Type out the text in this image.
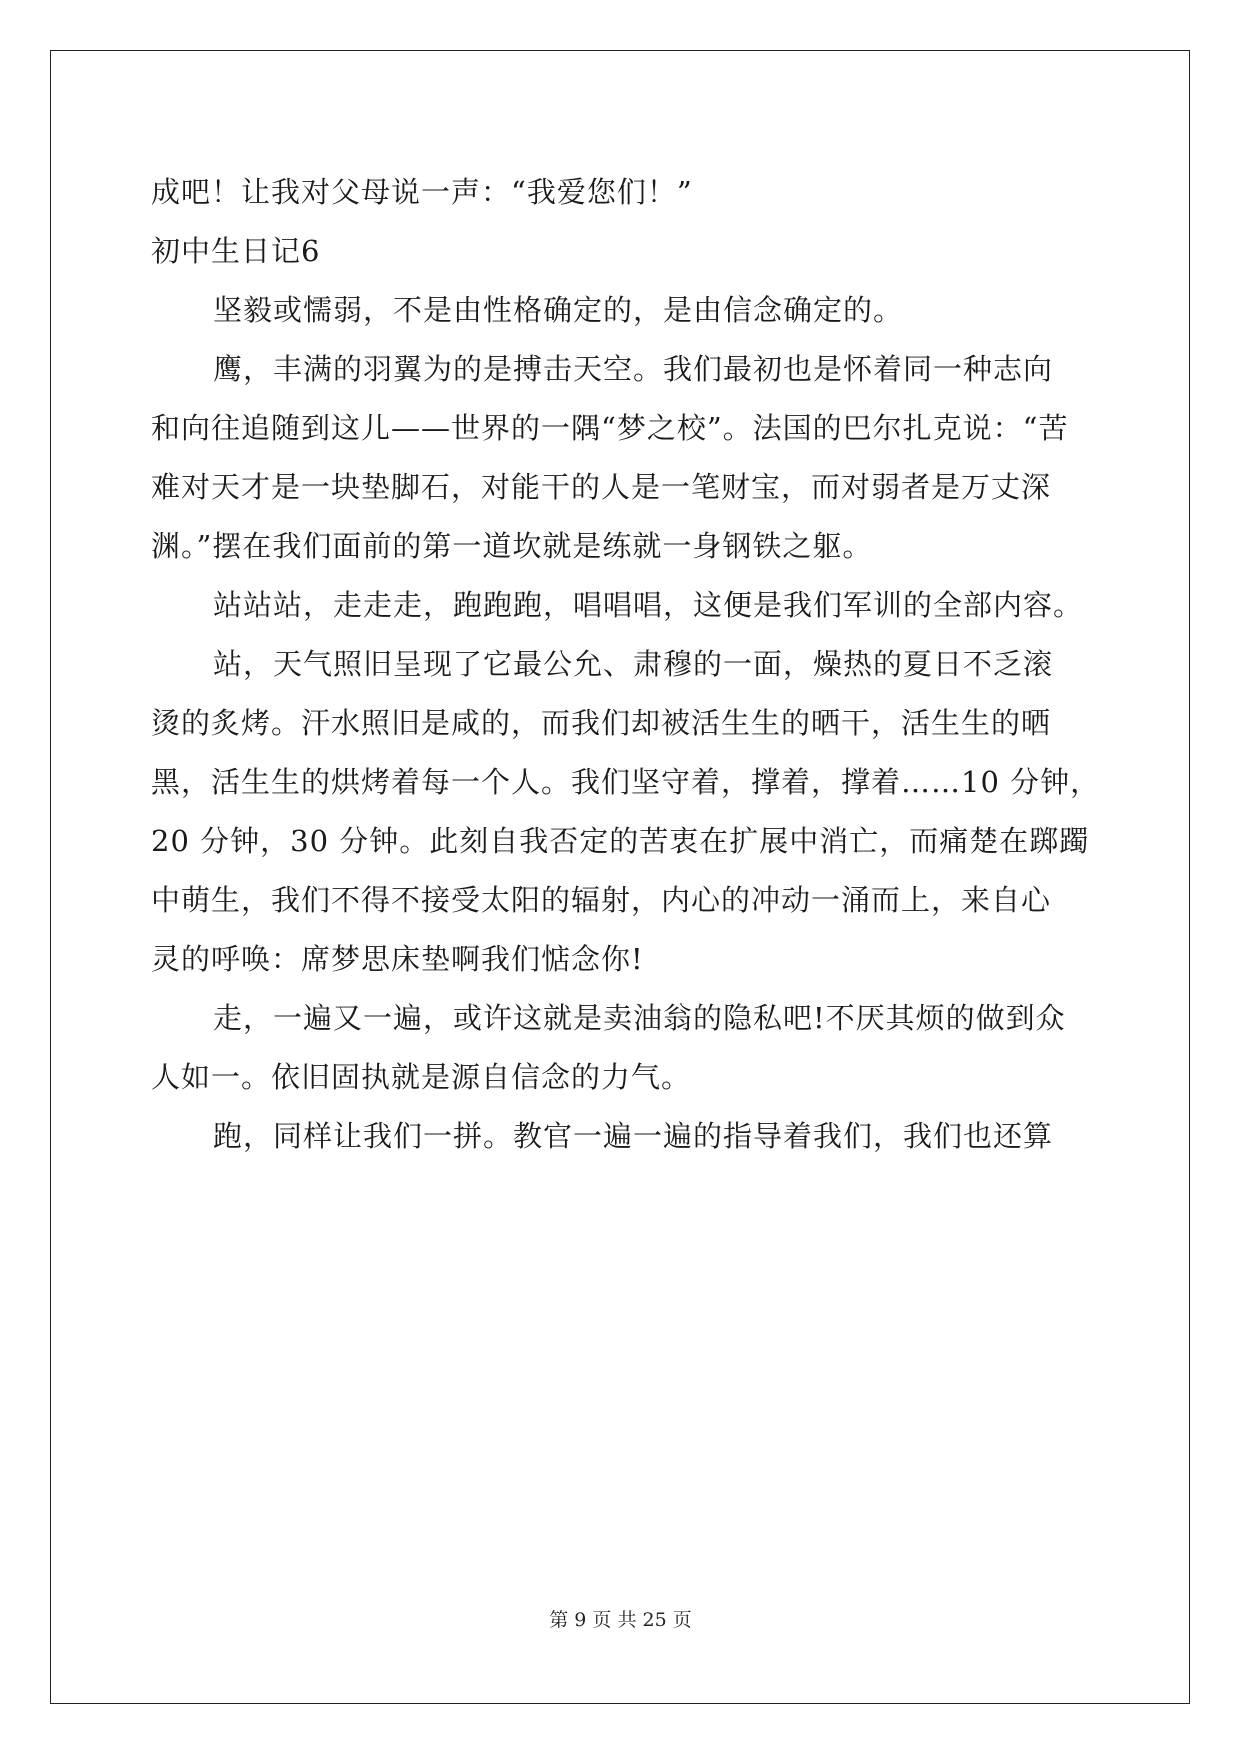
成吧！让我对父母说一声：“我爱您们！”
初中生日记6
坚毅或懦弱，不是由性格确定的，是由信念确定的。
鹰，丰满的羽翼为的是搏击天空。我们最初也是怀着同一种志向
和向往追随到这儿——世界的一隅“梦之校”。法国的巴尔扎克说：“苦
难对天才是一块垫脚石，对能干的人是一笔财宝，而对弱者是万丈深
渊。”摆在我们面前的第一道坎就是练就一身钢铁之躯。
站站站，走走走，跑跑跑，唱唱唱，这便是我们军训的全部内容。
站，天气照旧呈现了它最公允、肃穆的一面，燥热的夏日不乏滚
烫的炙烤。汗水照旧是咸的，而我们却被活生生的晒干，活生生的晒
黑，活生生的烘烤着每一个人。我们坚守着，撑着，撑着……10 分钟，
20 分钟，30 分钟。此刻自我否定的苦衷在扩展中消亡，而痛楚在踯躅
中萌生，我们不得不接受太阳的辐射，内心的冲动一涌而上，来自心
灵的呼唤：席梦思床垫啊我们惦念你!
走，一遍又一遍，或许这就是卖油翁的隐私吧!不厌其烦的做到众
人如一。依旧固执就是源自信念的力气。
跑，同样让我们一拼。教官一遍一遍的指导着我们，我们也还算
第 9 页 共 25 页
